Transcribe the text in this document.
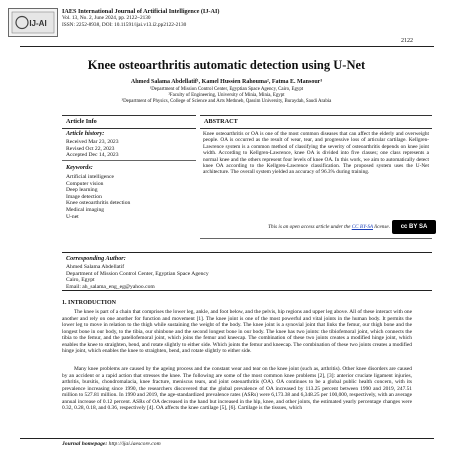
IJ-AI
IAES International Journal of Artificial Intelligence (IJ-AI)
Vol. 13, No. 2, June 2024, pp. 2122~2130
ISSN: 2252-8938, DOI: 10.11591/ijai.v13.i2.pp2122-2130
2122
Knee osteoarthritis automatic detection using U-Net
Ahmed Salama Abdellatif¹, Kamel Hussien Rahouma², Fatma E. Mansour³
¹Department of Mission Control Center, Egyptian Space Agency, Cairo, Egypt
²Faculty of Engineering, University of Minia, Minia, Egypt
³Department of Physics, College of Science and Arts Methneb, Qassim University, Buraydah, Saudi Arabia
Article Info
Article history:
Received Mar 23, 2023
Revised Oct 22, 2023
Accepted Dec 14, 2023
Keywords:
Artificial intelligence
Computer vision
Deep learning
Image detection
Knee osteoarthritis detection
Medical imaging
U-net
ABSTRACT
Knee osteoarthritis or OA is one of the most common diseases that can affect the elderly and overweight people. OA is occurred as the result of wear, tear, and progressive loss of articular cartilage. Kellgren-Lawrence system is a common method of classifying the severity of osteoarthritis depends on knee joint width. According to Kellgren-Lawrence, knee OA is divided into five classes; one class represents a normal knee and the others represent four levels of knee OA. In this work, we aim to automatically detect knee OA according to the Kellgren-Lawrence classification. The proposed system uses the U-Net architecture. The overall system yielded an accuracy of 96.3% during training.
This is an open access article under the CC BY-SA license.	cc BY SA
Corresponding Author:
Ahmed Salama Abdellatif
Department of Mission Control Center, Egyptian Space Agency
Cairo, Egypt
Email: ah_salama_eng_eg@yahoo.com
1. INTRODUCTION
The knee is part of a chain that comprises the lower leg, ankle, and foot below, and the pelvis, hip regions and upper leg above. All of these interact with one another and rely on one another for function and movement [1]. The knee joint is one of the most powerful and vital joints in the human body. It permits the lower leg to move in relation to the thigh while sustaining the weight of the body. The knee joint is a synovial joint that links the femur, our thigh bone and the longest bone in our body, to the tibia, our shinbone and the second longest bone in our body. The knee has two joints: the tibiofemoral joint, which connects the tibia to the femur, and the patellofemoral joint, which joins the femur and kneecap. The combination of these two joints creates a modified hinge joint, which enables the knee to straighten, bend, and rotate slightly to either side. Which joints the femur and kneecap. The combination of these two joints creates a modified hinge joint, which enables the knee to straighten, bend, and rotate slightly to either side.
Many knee problems are caused by the ageing process and the constant wear and tear on the knee joint (such as, arthritis). Other knee disorders are caused by an accident or a rapid action that stresses the knee. The following are some of the most common knee problems [2], [3]: anterior cruciate ligament injuries, arthritis, bursitis, chondromalacia, knee fracture, meniscus tears, and joint osteoarthritis (OA). OA continues to be a global public health concern, with its prevalence increasing since 1990, the researchers discovered that the global prevalence of OA increased by 113.25 percent between 1990 and 2019, 247.51 million to 527.81 million. In 1990 and 2019, the age-standardized prevalence rates (ASRs) were 6,173.38 and 6,348.25 per 100,000, respectively, with an average annual increase of 0.12 percent. ASRs of OA decreased in the hand but increased in the hip, knee, and other joints, the estimated yearly percentage changes were 0.32, 0.28, 0.18, and 0.36, respectively [4]. OA affects the knee cartilage [5], [6]. Cartilage is the tissues, which
Journal homepage: http://ijai.iaescore.com
